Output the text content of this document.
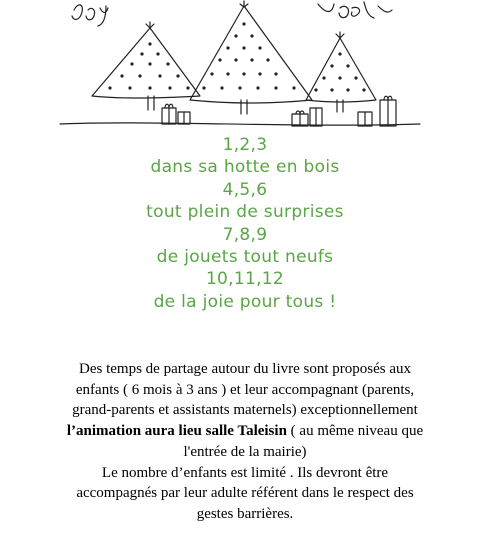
1,2,3
dans sa hotte en bois
4,5,6
tout plein de surprises
7,8,9
de jouets tout neufs
10,11,12
de la joie pour tous !
Des temps de partage autour du livre sont proposés aux enfants ( 6 mois à 3 ans ) et leur accompagnant (parents, grand-parents et assistants maternels) exceptionnellement l’animation aura lieu salle Taleisin ( au même niveau que l'entrée de la mairie)
Le nombre d’enfants est limité . Ils devront être accompagnés par leur adulte référent dans le respect des gestes barrières.
